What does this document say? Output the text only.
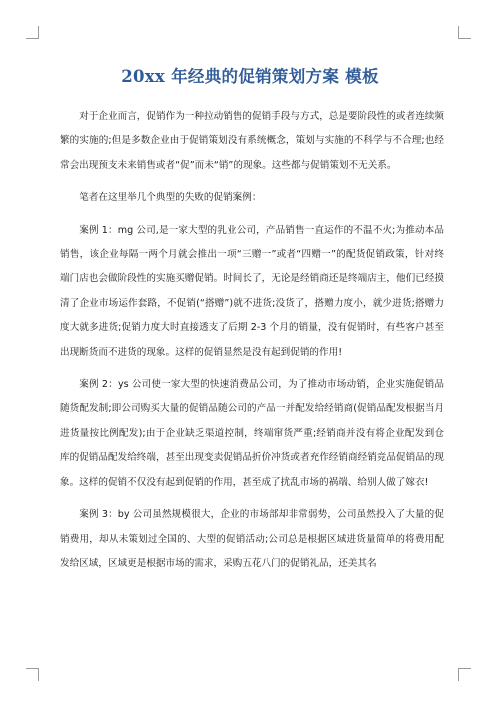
20xx 年经典的促销策划方案 模板

对于企业而言，促销作为一种拉动销售的促销手段与方式，总是要阶段性的或者连续频繁的实施的;但是多数企业由于促销策划没有系统概念，策划与实施的不科学与不合理;也经常会出现预支未来销售或者“促”而未“销”的现象。这些都与促销策划不无关系。

笔者在这里举几个典型的失败的促销案例：

案例 1：mg 公司,是一家大型的乳业公司，产品销售一直运作的不温不火;为推动本品销售，该企业每隔一两个月就会推出一项“三赠一”或者“四赠一”的配货促销政策，针对终端门店也会做阶段性的实施买赠促销。时间长了，无论是经销商还是终端店主，他们已经摸清了企业市场运作套路，不促销(“搭赠”)就不进货;没货了，搭赠力度小，就少进货;搭赠力度大就多进货;促销力度大时直接透支了后期 2-3 个月的销量，没有促销时，有些客户甚至出现断货而不进货的现象。这样的促销显然是没有起到促销的作用!

案例 2：ys 公司使一家大型的快速消费品公司，为了推动市场动销，企业实施促销品随货配发制;即公司购买大量的促销品随公司的产品一并配发给经销商(促销品配发根据当月进货量按比例配发);由于企业缺乏渠道控制，终端窜货严重;经销商并没有将企业配发到仓库的促销品配发给终端，甚至出现变卖促销品折价冲货或者充作经销商经销竞品促销品的现象。这样的促销不仅没有起到促销的作用，甚至成了扰乱市场的祸端、给别人做了嫁衣!

案例 3：by 公司虽然规模很大，企业的市场部却非常弱势，公司虽然投入了大量的促销费用，却从未策划过全国的、大型的促销活动;公司总是根据区域进货量简单的将费用配发给区域，区域更是根据市场的需求，采购五花八门的促销礼品，还美其名
